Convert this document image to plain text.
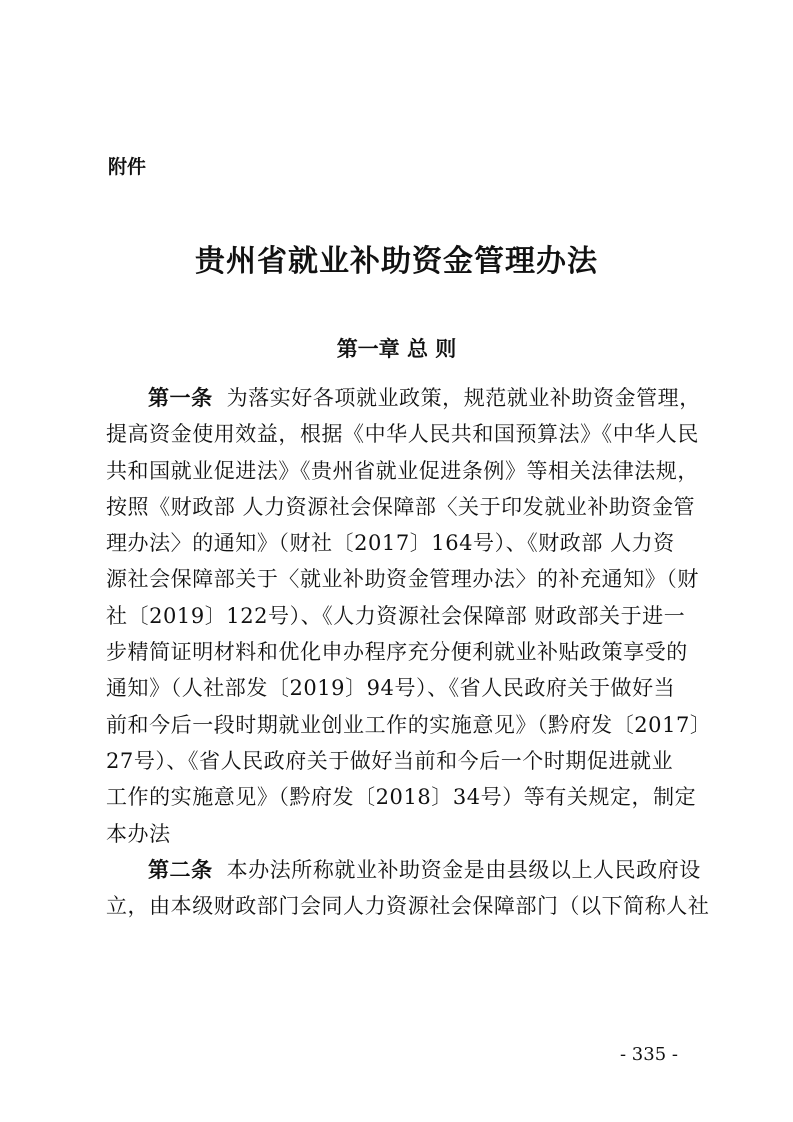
附件
贵州省就业补助资金管理办法
第一章 总 则
第一条 为落实好各项就业政策，规范就业补助资金管理，
提高资金使用效益，根据《中华人民共和国预算法》《中华人民
共和国就业促进法》《贵州省就业促进条例》等相关法律法规，
按照《财政部 人力资源社会保障部〈关于印发就业补助资金管
理办法〉的通知》（财社〔2017〕164号）、《财政部 人力资
源社会保障部关于〈就业补助资金管理办法〉的补充通知》（财
社〔2019〕122号）、《人力资源社会保障部 财政部关于进一
步精简证明材料和优化申办程序充分便利就业补贴政策享受的
通知》（人社部发〔2019〕94号）、《省人民政府关于做好当
前和今后一段时期就业创业工作的实施意见》（黔府发〔2017〕
27号）、《省人民政府关于做好当前和今后一个时期促进就业
工作的实施意见》（黔府发〔2018〕34号）等有关规定，制定
本办法
第二条 本办法所称就业补助资金是由县级以上人民政府设
立，由本级财政部门会同人力资源社会保障部门（以下简称人社
- 335 -
